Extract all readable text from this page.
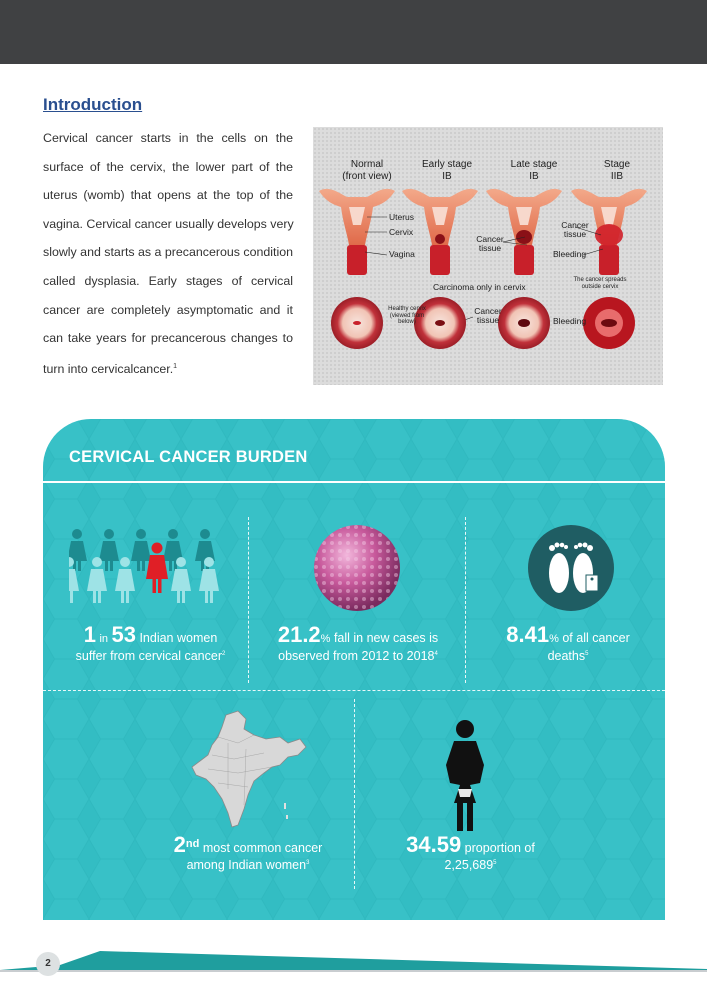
Introduction
Cervical cancer starts in the cells on the
surface of the cervix, the lower part of the
uterus (womb) that opens at the top of the
vagina. Cervical cancer usually develops very
slowly and starts as a precancerous condition
called dysplasia. Early stages of cervical
cancer are completely asymptomatic and it
can take years for precancerous changes to
turn into cervicalcancer.$^1$
Normal
(front view)
Early stage
IB
Late stage
IB
Stage
IIB
Uterus
Cervix
Vagina
Cancer tissue
Cancer tissue
Bleeding
Carcinoma only in cervix
The cancer spreads outside cervix
Healthy cervix (viewed from below)
Cancer tissue	Bleeding
CERVICAL CANCER BURDEN
1 in 53 Indian women
suffer from cervical cancer$^2$
21.2% fall in new cases is
observed from 2012 to 2018$^4$
8.41% of all cancer
deaths$^5$
2nd most common cancer
among Indian women$^3$
34.59 proportion of
2,25,689$^5$
2
